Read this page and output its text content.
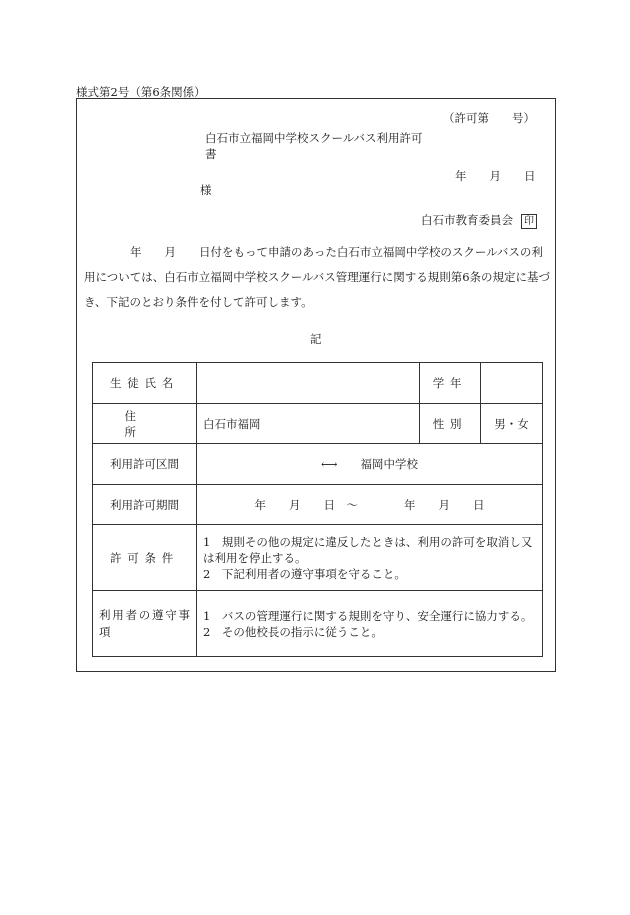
様式第2号（第6条関係）
（許可第　　号）
白石市立福岡中学校スクールバス利用許可書
年　　月　　日
様
白石市教育委員会 印
　　　　年　　月　　日付をもって申請のあった白石市立福岡中学校のスクールバスの利用については、白石市立福岡中学校スクールバス管理運行に関する規則第6条の規定に基づき、下記のとおり条件を付して許可します。
記
生徒氏名		学年	
住所	白石市福岡	性別	男・女
利用許可区間	⟷　　福岡中学校		
利用許可期間	年　　月　　日　～　　　　年　　月　　日		
許可条件	1　規則その他の規定に違反したときは、利用の許可を取消し又は利用を停止する。
2　下記利用者の遵守事項を守ること。		

利用者の遵守事項	1　バスの管理運行に関する規則を守り、安全運行に協力する。
2　その他校長の指示に従うこと。		
